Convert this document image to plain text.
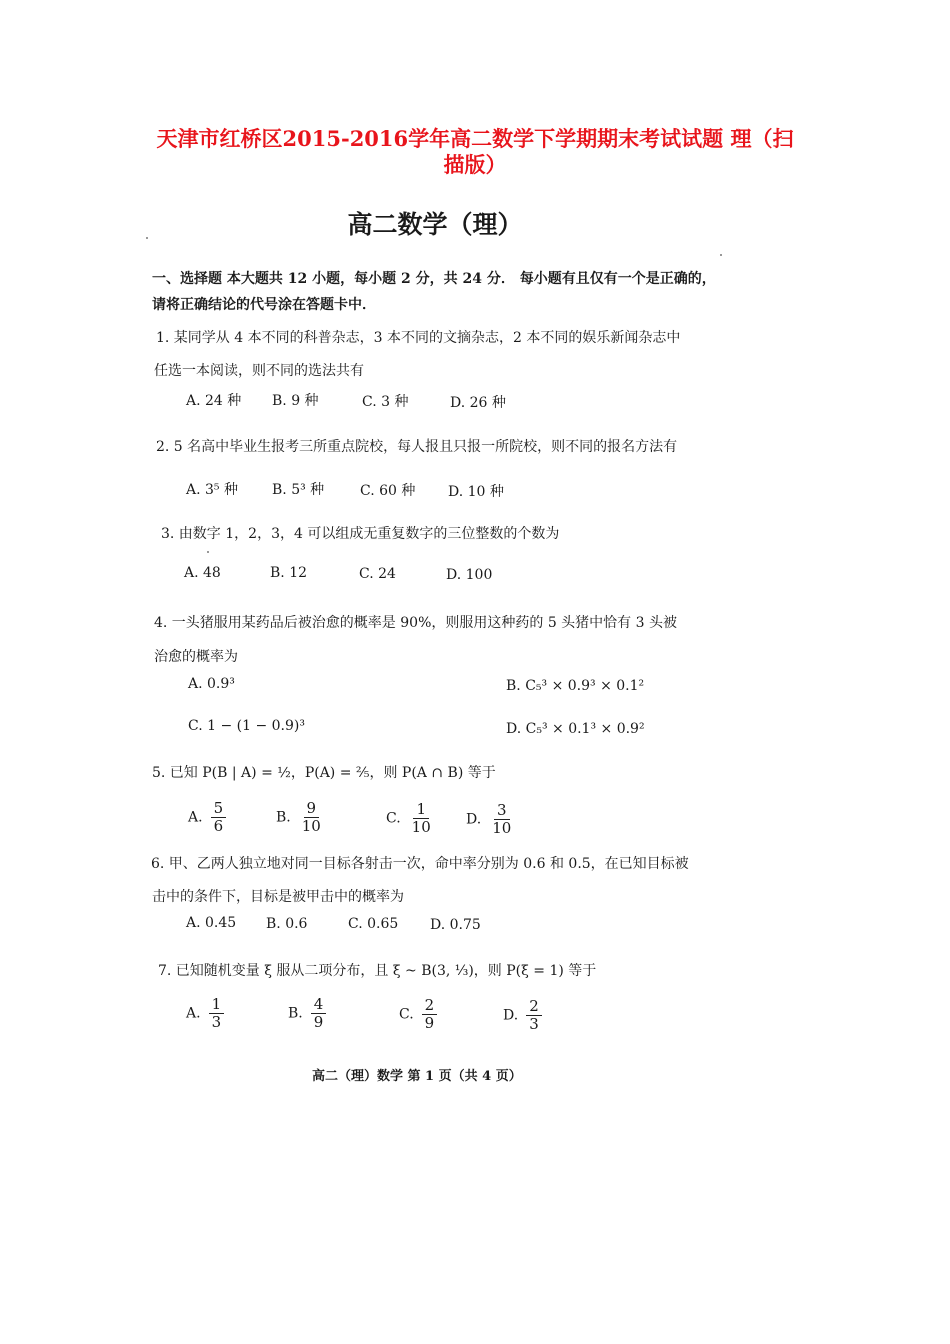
天津市红桥区2015-2016学年高二数学下学期期末考试试题 理（扫
描版）
高二数学（理）
一、选择题 本大题共 12 小题，每小题 2 分，共 24 分． 每小题有且仅有一个是正确的，
请将正确结论的代号涂在答题卡中．
1. 某同学从 4 本不同的科普杂志，3 本不同的文摘杂志，2 本不同的娱乐新闻杂志中
任选一本阅读，则不同的选法共有
A. 24 种 B. 9 种	C. 3 种	D. 26 种
2. 5 名高中毕业生报考三所重点院校，每人报且只报一所院校，则不同的报名方法有
A. 3⁵ 种 B. 5³ 种	C. 60 种 D. 10 种
3. 由数字 1，2，3，4 可以组成无重复数字的三位整数的个数为
A. 48	B. 12	C. 24	D. 100
4. 一头猪服用某药品后被治愈的概率是 90%，则服用这种药的 5 头猪中恰有 3 头被
治愈的概率为
A. 0.9³	B. C₅³ × 0.9³ × 0.1²
C. 1 − (1 − 0.9)³	D. C₅³ × 0.1³ × 0.9²
5. 已知 P(B | A) = ½，P(A) = ⅖，则 P(A ∩ B) 等于
A. $\frac{5}{6}$	B. $\frac{9}{10}$	C. $\frac{1}{10} D$. $\frac{3}{10}$
6. 甲、乙两人独立地对同一目标各射击一次，命中率分别为 0.6 和 0.5，在已知目标被
击中的条件下，目标是被甲击中的概率为
A. 0.45 B. 0.6	C. 0.65 D. 0.75
7. 已知随机变量 ξ 服从二项分布，且 ξ ~ B(3, ⅓)，则 P(ξ = 1) 等于
A. $\frac{1}{3}$	B. $\frac{4}{9}$	C. $\frac{2}{9}$	D. $\frac{2}{3}$
高二（理）数学 第 1 页（共 4 页）
